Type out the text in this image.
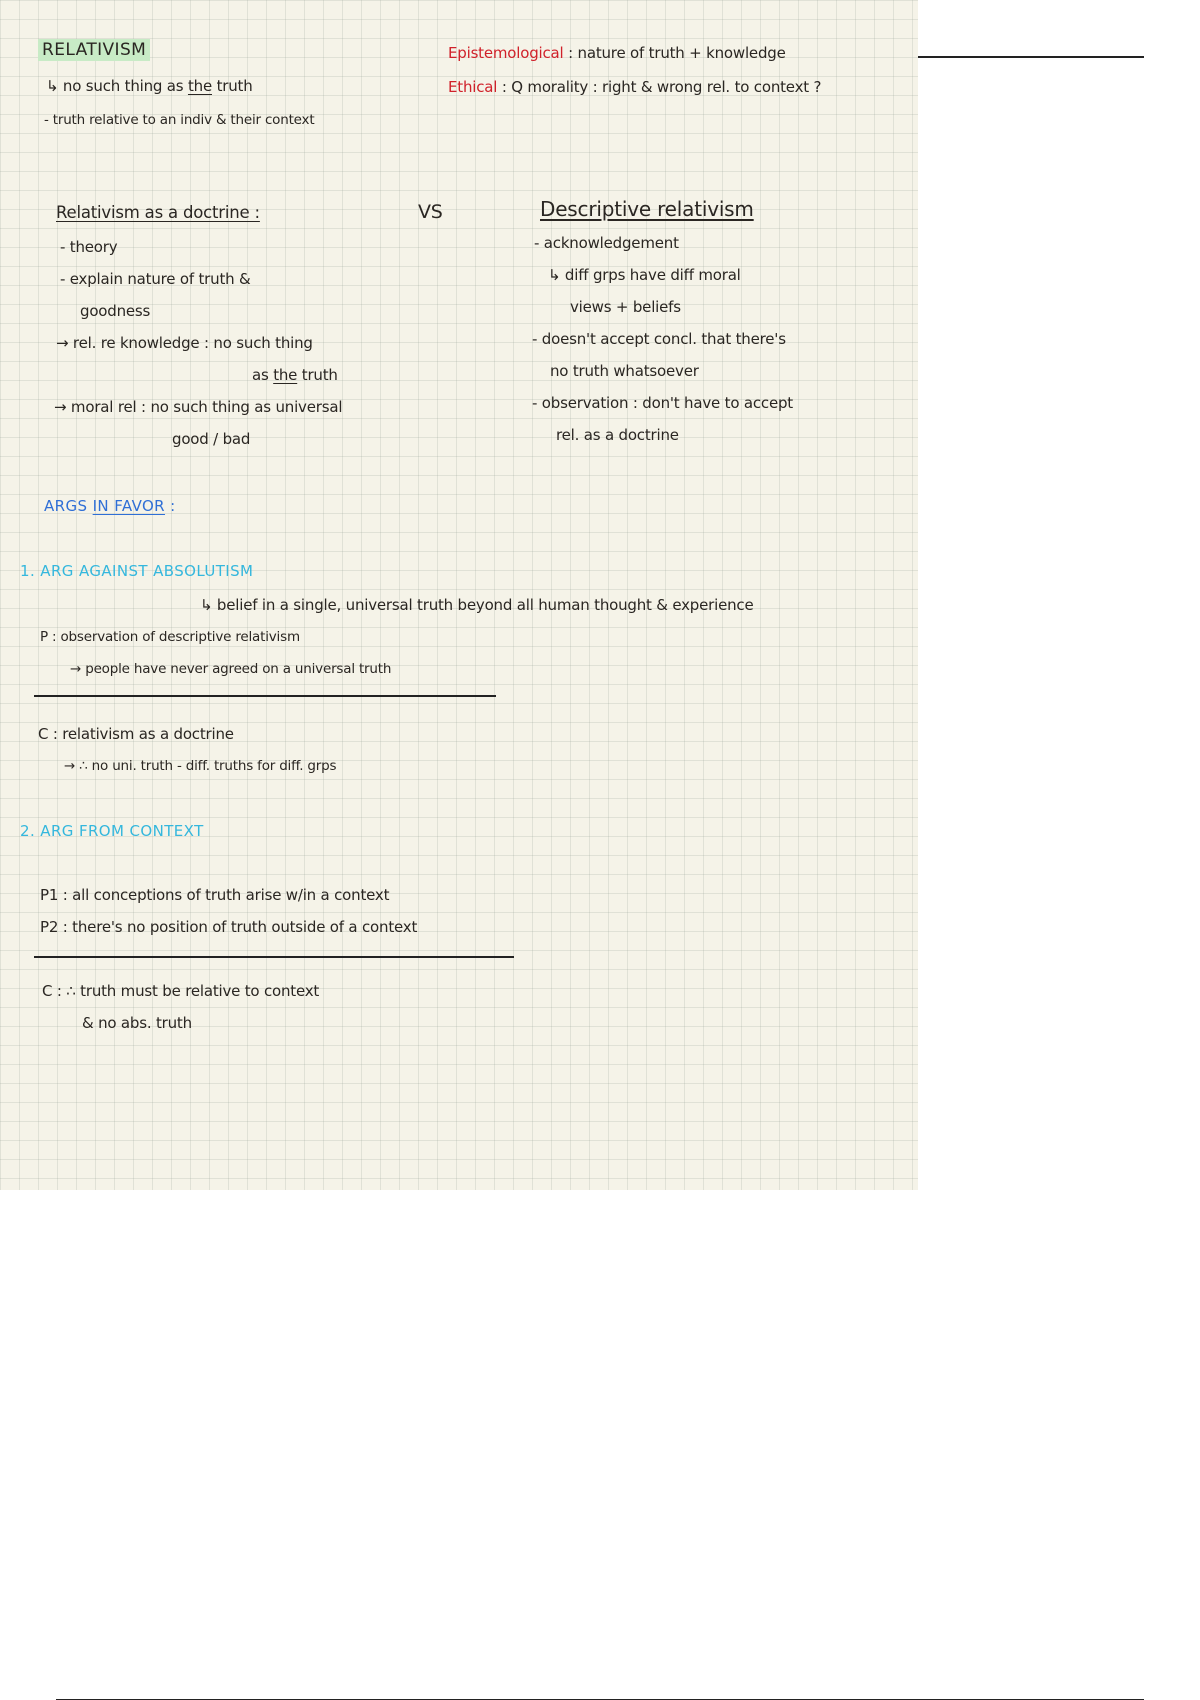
RELATIVISM
↳ no such thing as the truth
- truth relative to an indiv & their context
Epistemological : nature of truth + knowledge
Ethical : Q morality : right & wrong rel. to context ?
Relativism as a doctrine :
- theory
- explain nature of truth &
goodness
→ rel. re knowledge : no such thing
as the truth
→ moral rel : no such thing as universal
good / bad
VS	Descriptive relativism
- acknowledgement
↳ diff grps have diff moral
views + beliefs
- doesn't accept concl. that there's
no truth whatsoever
- observation : don't have to accept
rel. as a doctrine
ARGS IN FAVOR :
1. ARG AGAINST ABSOLUTISM
↳ belief in a single, universal truth beyond all human thought & experience
P : observation of descriptive relativism
→ people have never agreed on a universal truth
C : relativism as a doctrine
→ ∴ no uni. truth - diff. truths for diff. grps
2. ARG FROM CONTEXT
P1 : all conceptions of truth arise w/in a context
P2 : there's no position of truth outside of a context
C : ∴ truth must be relative to context
& no abs. truth
